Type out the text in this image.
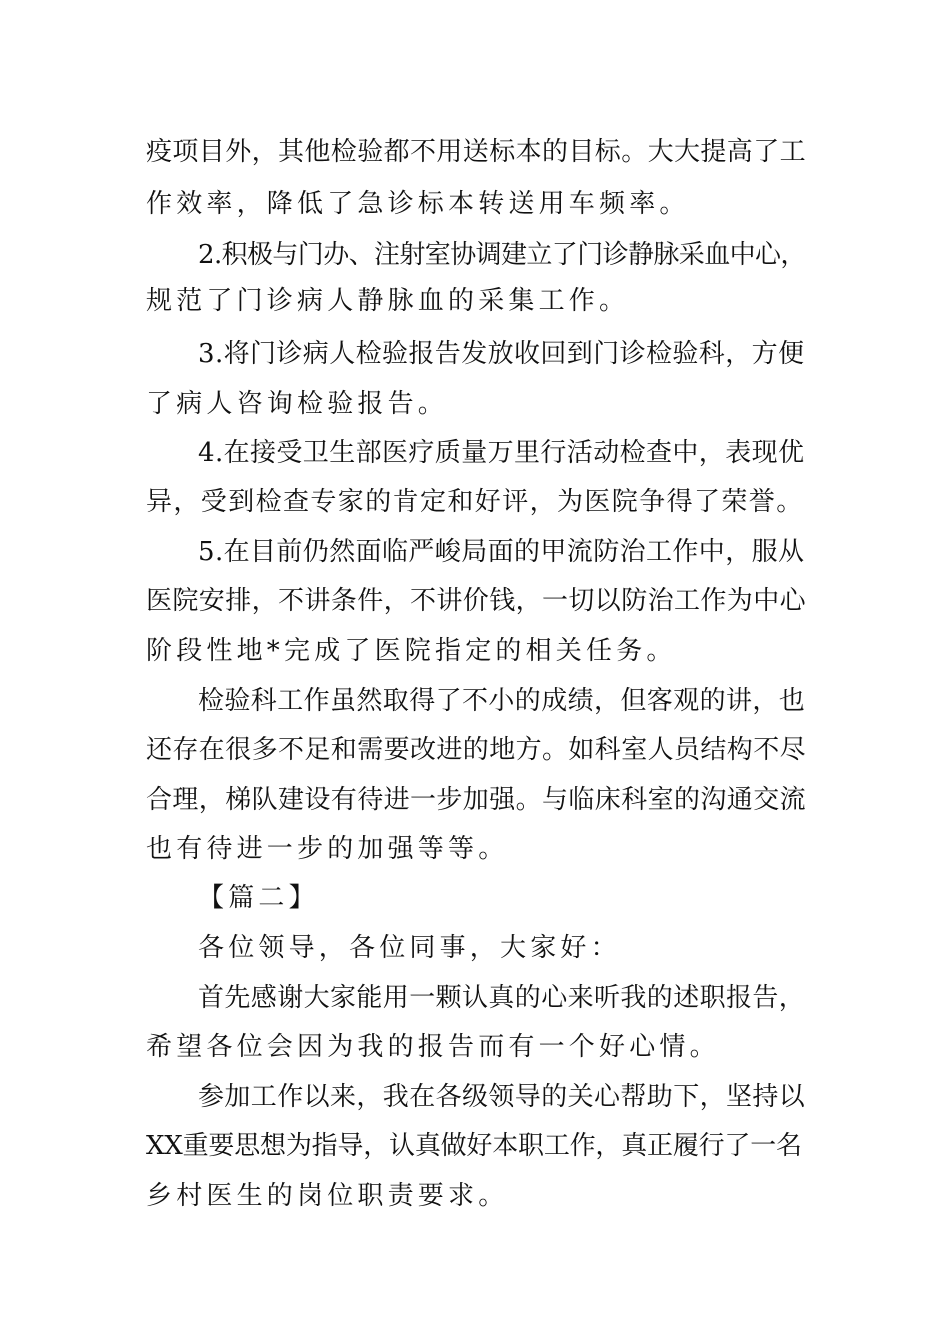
疫项目外，其他检验都不用送标本的目标。大大提高了工

作效率，降低了急诊标本转送用车频率。

2.积极与门办、注射室协调建立了门诊静脉采血中心，

规范了门诊病人静脉血的采集工作。

3.将门诊病人检验报告发放收回到门诊检验科，方便

了病人咨询检验报告。

4.在接受卫生部医疗质量万里行活动检查中，表现优

异，受到检查专家的肯定和好评，为医院争得了荣誉。

5.在目前仍然面临严峻局面的甲流防治工作中，服从

医院安排，不讲条件，不讲价钱，一切以防治工作为中心

阶段性地*完成了医院指定的相关任务。

检验科工作虽然取得了不小的成绩，但客观的讲，也

还存在很多不足和需要改进的地方。如科室人员结构不尽

合理，梯队建设有待进一步加强。与临床科室的沟通交流

也有待进一步的加强等等。

【篇二】

各位领导，各位同事，大家好：

首先感谢大家能用一颗认真的心来听我的述职报告，

希望各位会因为我的报告而有一个好心情。

参加工作以来，我在各级领导的关心帮助下，坚持以

XX重要思想为指导，认真做好本职工作，真正履行了一名

乡村医生的岗位职责要求。
